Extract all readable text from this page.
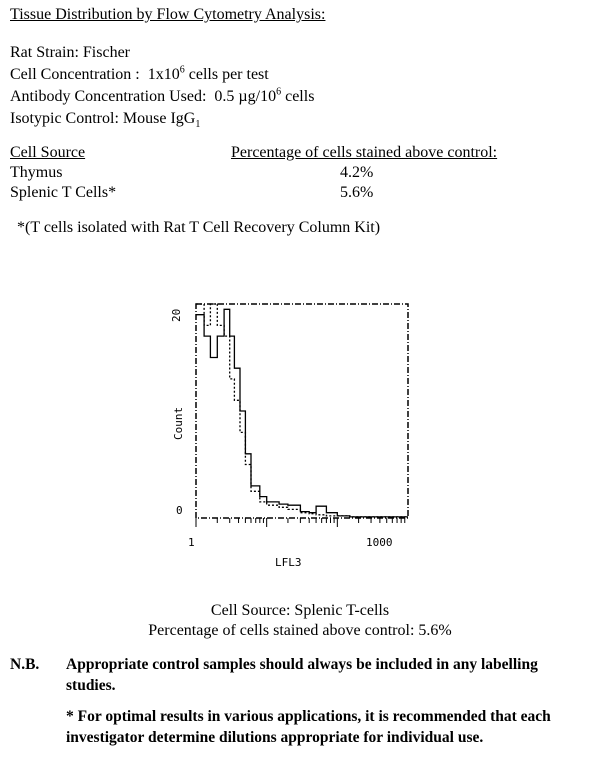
Tissue Distribution by Flow Cytometry Analysis:
Rat Strain: Fischer
Cell Concentration : $1x10^6$ cells per test
Antibody Concentration Used: 0.5 $\mu g/10^6$ cells
Isotypic Control: Mouse IgG$_1$
Cell Source	Percentage of cells stained above control:
Thymus	4.2%
Splenic T Cells*	5.6%
*(T cells isolated with Rat T Cell Recovery Column Kit)
20
0
Count
1	1000
LFL3
Cell Source: Splenic T-cells
Percentage of cells stained above control: 5.6%
N.B. Appropriate control samples should always be included in any labelling studies.
* For optimal results in various applications, it is recommended that each investigator determine dilutions appropriate for individual use.
